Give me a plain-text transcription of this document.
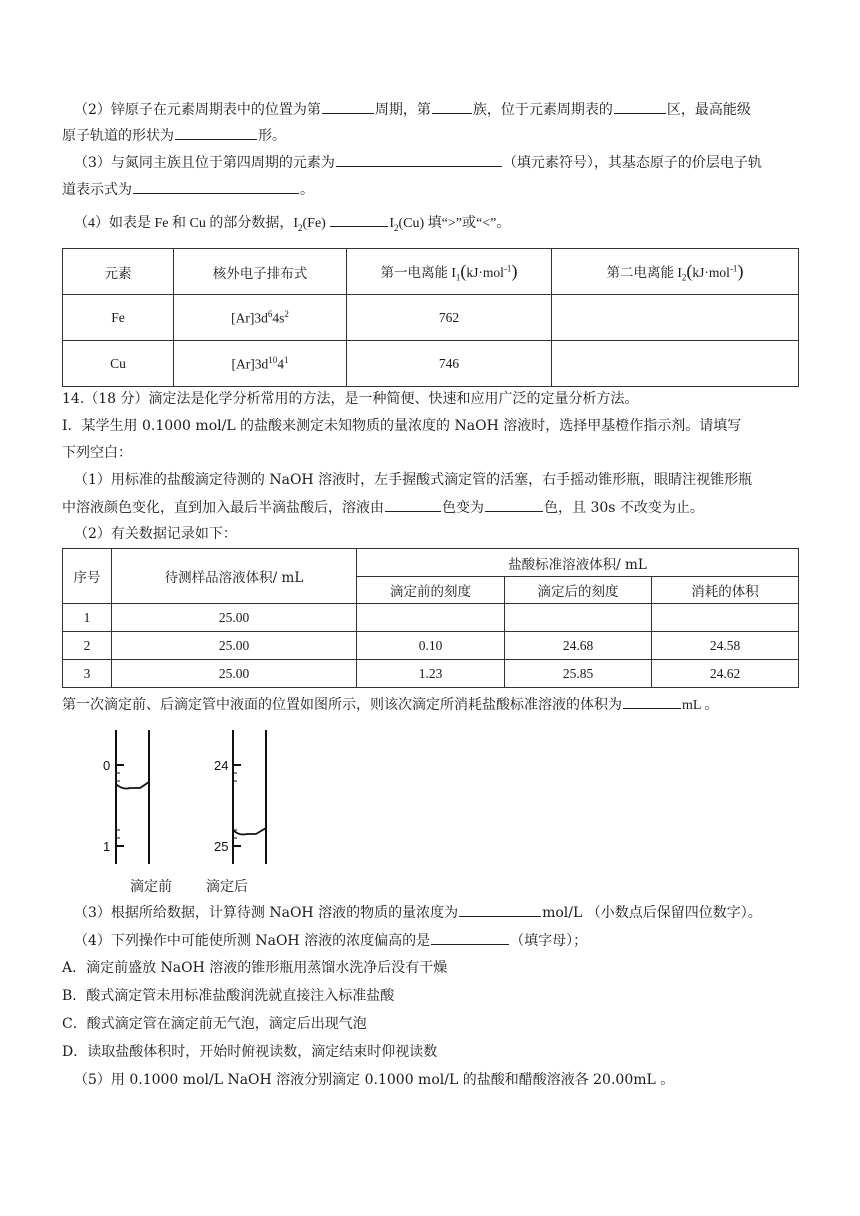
（2）锌原子在元素周期表中的位置为第	周期，第	族，位于元素周期表的	区，最高能级
原子轨道的形状为	形。
（3）与氮同主族且位于第四周期的元素为	（填元素符号），其基态原子的价层电子轨
道表示式为	。
（4）如表是 Fe 和 Cu 的部分数据，$I_2(Fe)$	$I_2(Cu)$ 填“>”或“<”。
元素	核外电子排布式	第一电离能 $I_1(kJ\cdot mol^{-1})$	第二电离能 $I_2(kJ\cdot mol^{-1})$
Fe	$[Ar]3d^64s^2$	762	
Cu	$[Ar]3d^{10}4^1$	746	
14.（18 分）滴定法是化学分析常用的方法，是一种简便、快速和应用广泛的定量分析方法。
I．某学生用 0.1000 mol/L 的盐酸来测定未知物质的量浓度的 NaOH 溶液时，选择甲基橙作指示剂。请填写
下列空白：
（1）用标准的盐酸滴定待测的 NaOH 溶液时，左手握酸式滴定管的活塞，右手摇动锥形瓶，眼睛注视锥形瓶
中溶液颜色变化，直到加入最后半滴盐酸后，溶液由	色变为	色，且 30s 不改变为止。
（2）有关数据记录如下：
序号	待测样品溶液体积/ mL	盐酸标准溶液体积/ mL		
		滴定前的刻度	滴定后的刻度	消耗的体积
1	25.00			
2	25.00	0.10	24.68	24.58
3	25.00	1.23	25.85	24.62
第一次滴定前、后滴定管中液面的位置如图所示，则该次滴定所消耗盐酸标准溶液的体积为	mL 。
0
1
24
25
滴定前 滴定后
（3）根据所给数据，计算待测 NaOH 溶液的物质的量浓度为	mol/L （小数点后保留四位数字）。
（4）下列操作中可能使所测 NaOH 溶液的浓度偏高的是	（填字母）；
A．滴定前盛放 NaOH 溶液的锥形瓶用蒸馏水洗净后没有干燥
B．酸式滴定管未用标准盐酸润洗就直接注入标准盐酸
C．酸式滴定管在滴定前无气泡，滴定后出现气泡
D．读取盐酸体积时，开始时俯视读数，滴定结束时仰视读数
（5）用 0.1000 mol/L NaOH 溶液分别滴定 0.1000 mol/L 的盐酸和醋酸溶液各 20.00mL 。
